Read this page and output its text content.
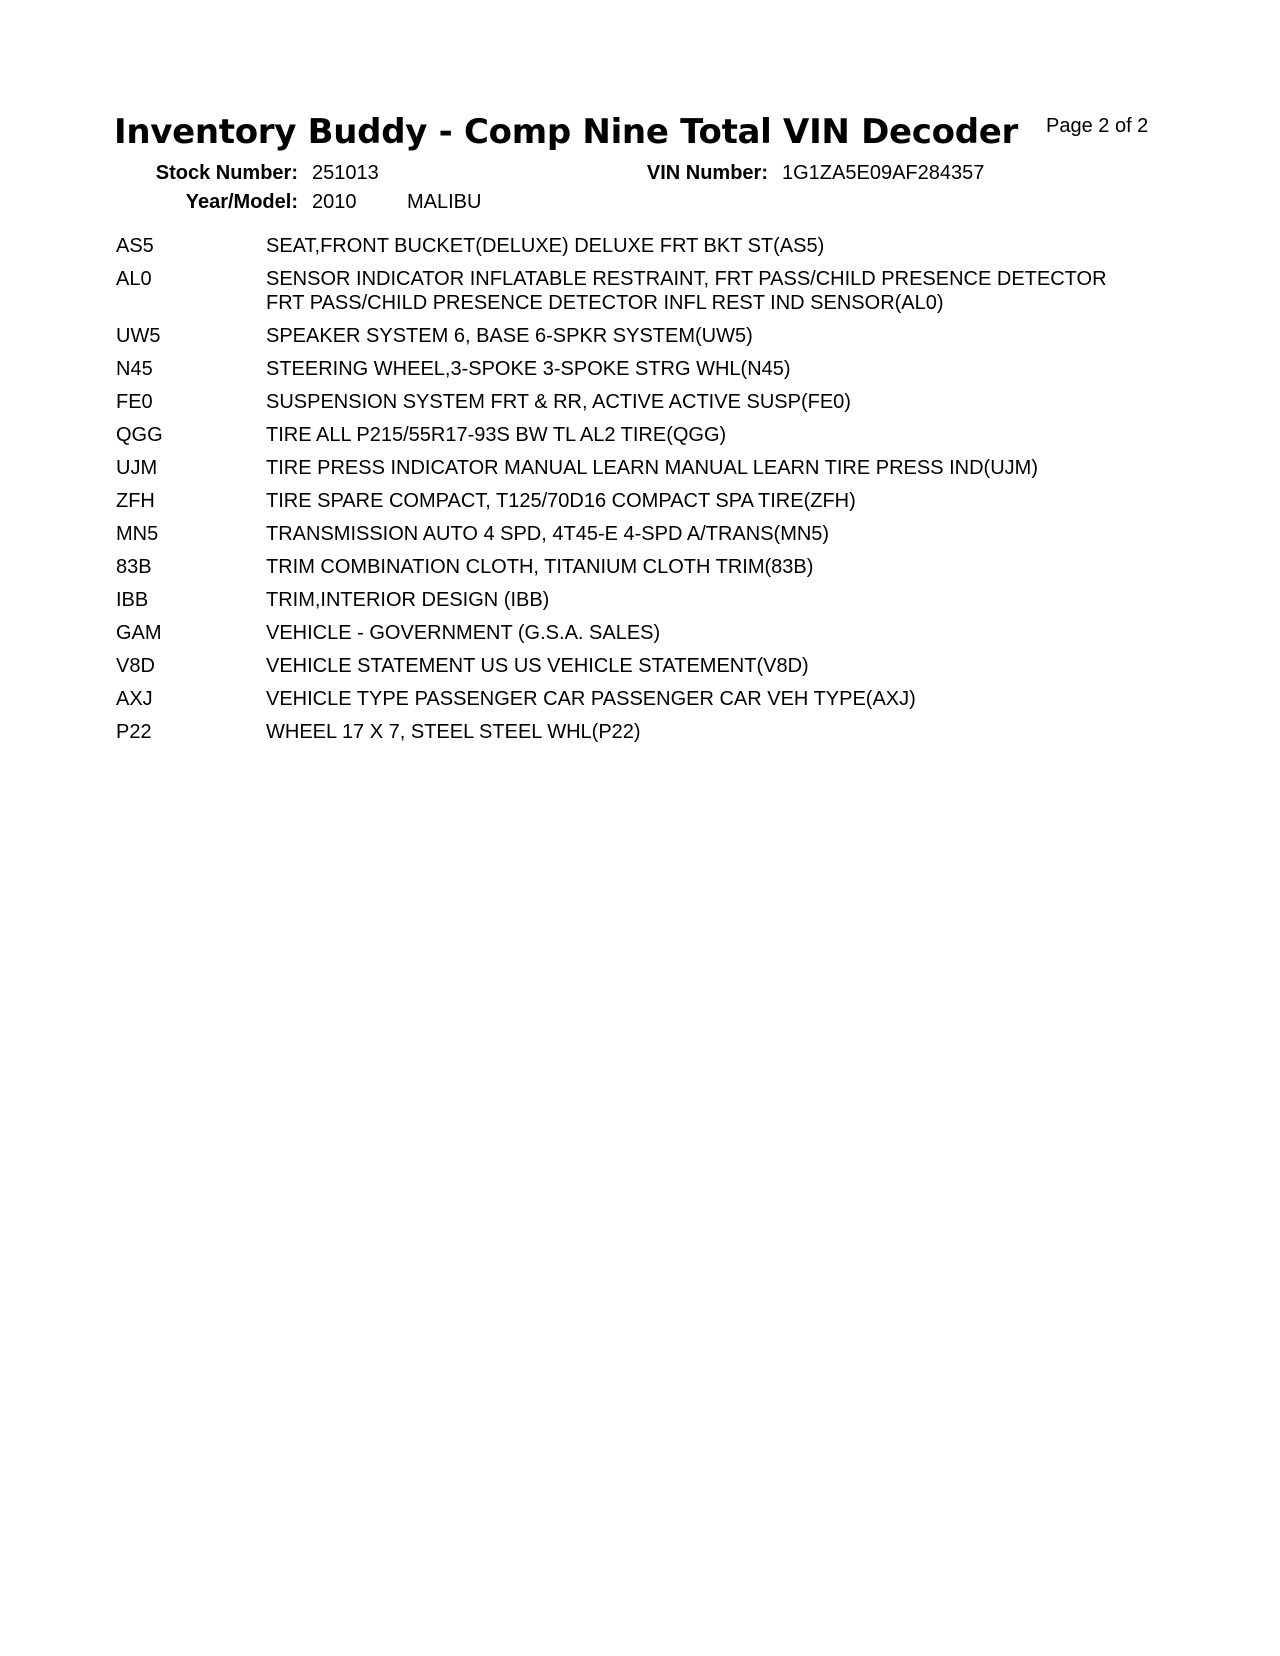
Inventory Buddy - Comp Nine Total VIN Decoder Page 2 of 2
Stock Number: 251013	VIN Number: 1G1ZA5E09AF284357
Year/Model: 2010	MALIBU
AS5	SEAT,FRONT BUCKET(DELUXE) DELUXE FRT BKT ST(AS5)
AL0	SENSOR INDICATOR INFLATABLE RESTRAINT, FRT PASS/CHILD PRESENCE DETECTOR
FRT PASS/CHILD PRESENCE DETECTOR INFL REST IND SENSOR(AL0)
UW5	SPEAKER SYSTEM 6, BASE 6-SPKR SYSTEM(UW5)
N45	STEERING WHEEL,3-SPOKE 3-SPOKE STRG WHL(N45)
FE0	SUSPENSION SYSTEM FRT & RR, ACTIVE ACTIVE SUSP(FE0)
QGG	TIRE ALL P215/55R17-93S BW TL AL2 TIRE(QGG)
UJM	TIRE PRESS INDICATOR MANUAL LEARN MANUAL LEARN TIRE PRESS IND(UJM)
ZFH	TIRE SPARE COMPACT, T125/70D16 COMPACT SPA TIRE(ZFH)
MN5	TRANSMISSION AUTO 4 SPD, 4T45-E 4-SPD A/TRANS(MN5)
83B	TRIM COMBINATION CLOTH, TITANIUM CLOTH TRIM(83B)
IBB	TRIM,INTERIOR DESIGN (IBB)
GAM	VEHICLE - GOVERNMENT (G.S.A. SALES)
V8D	VEHICLE STATEMENT US US VEHICLE STATEMENT(V8D)
AXJ	VEHICLE TYPE PASSENGER CAR PASSENGER CAR VEH TYPE(AXJ)
P22	WHEEL 17 X 7, STEEL STEEL WHL(P22)
